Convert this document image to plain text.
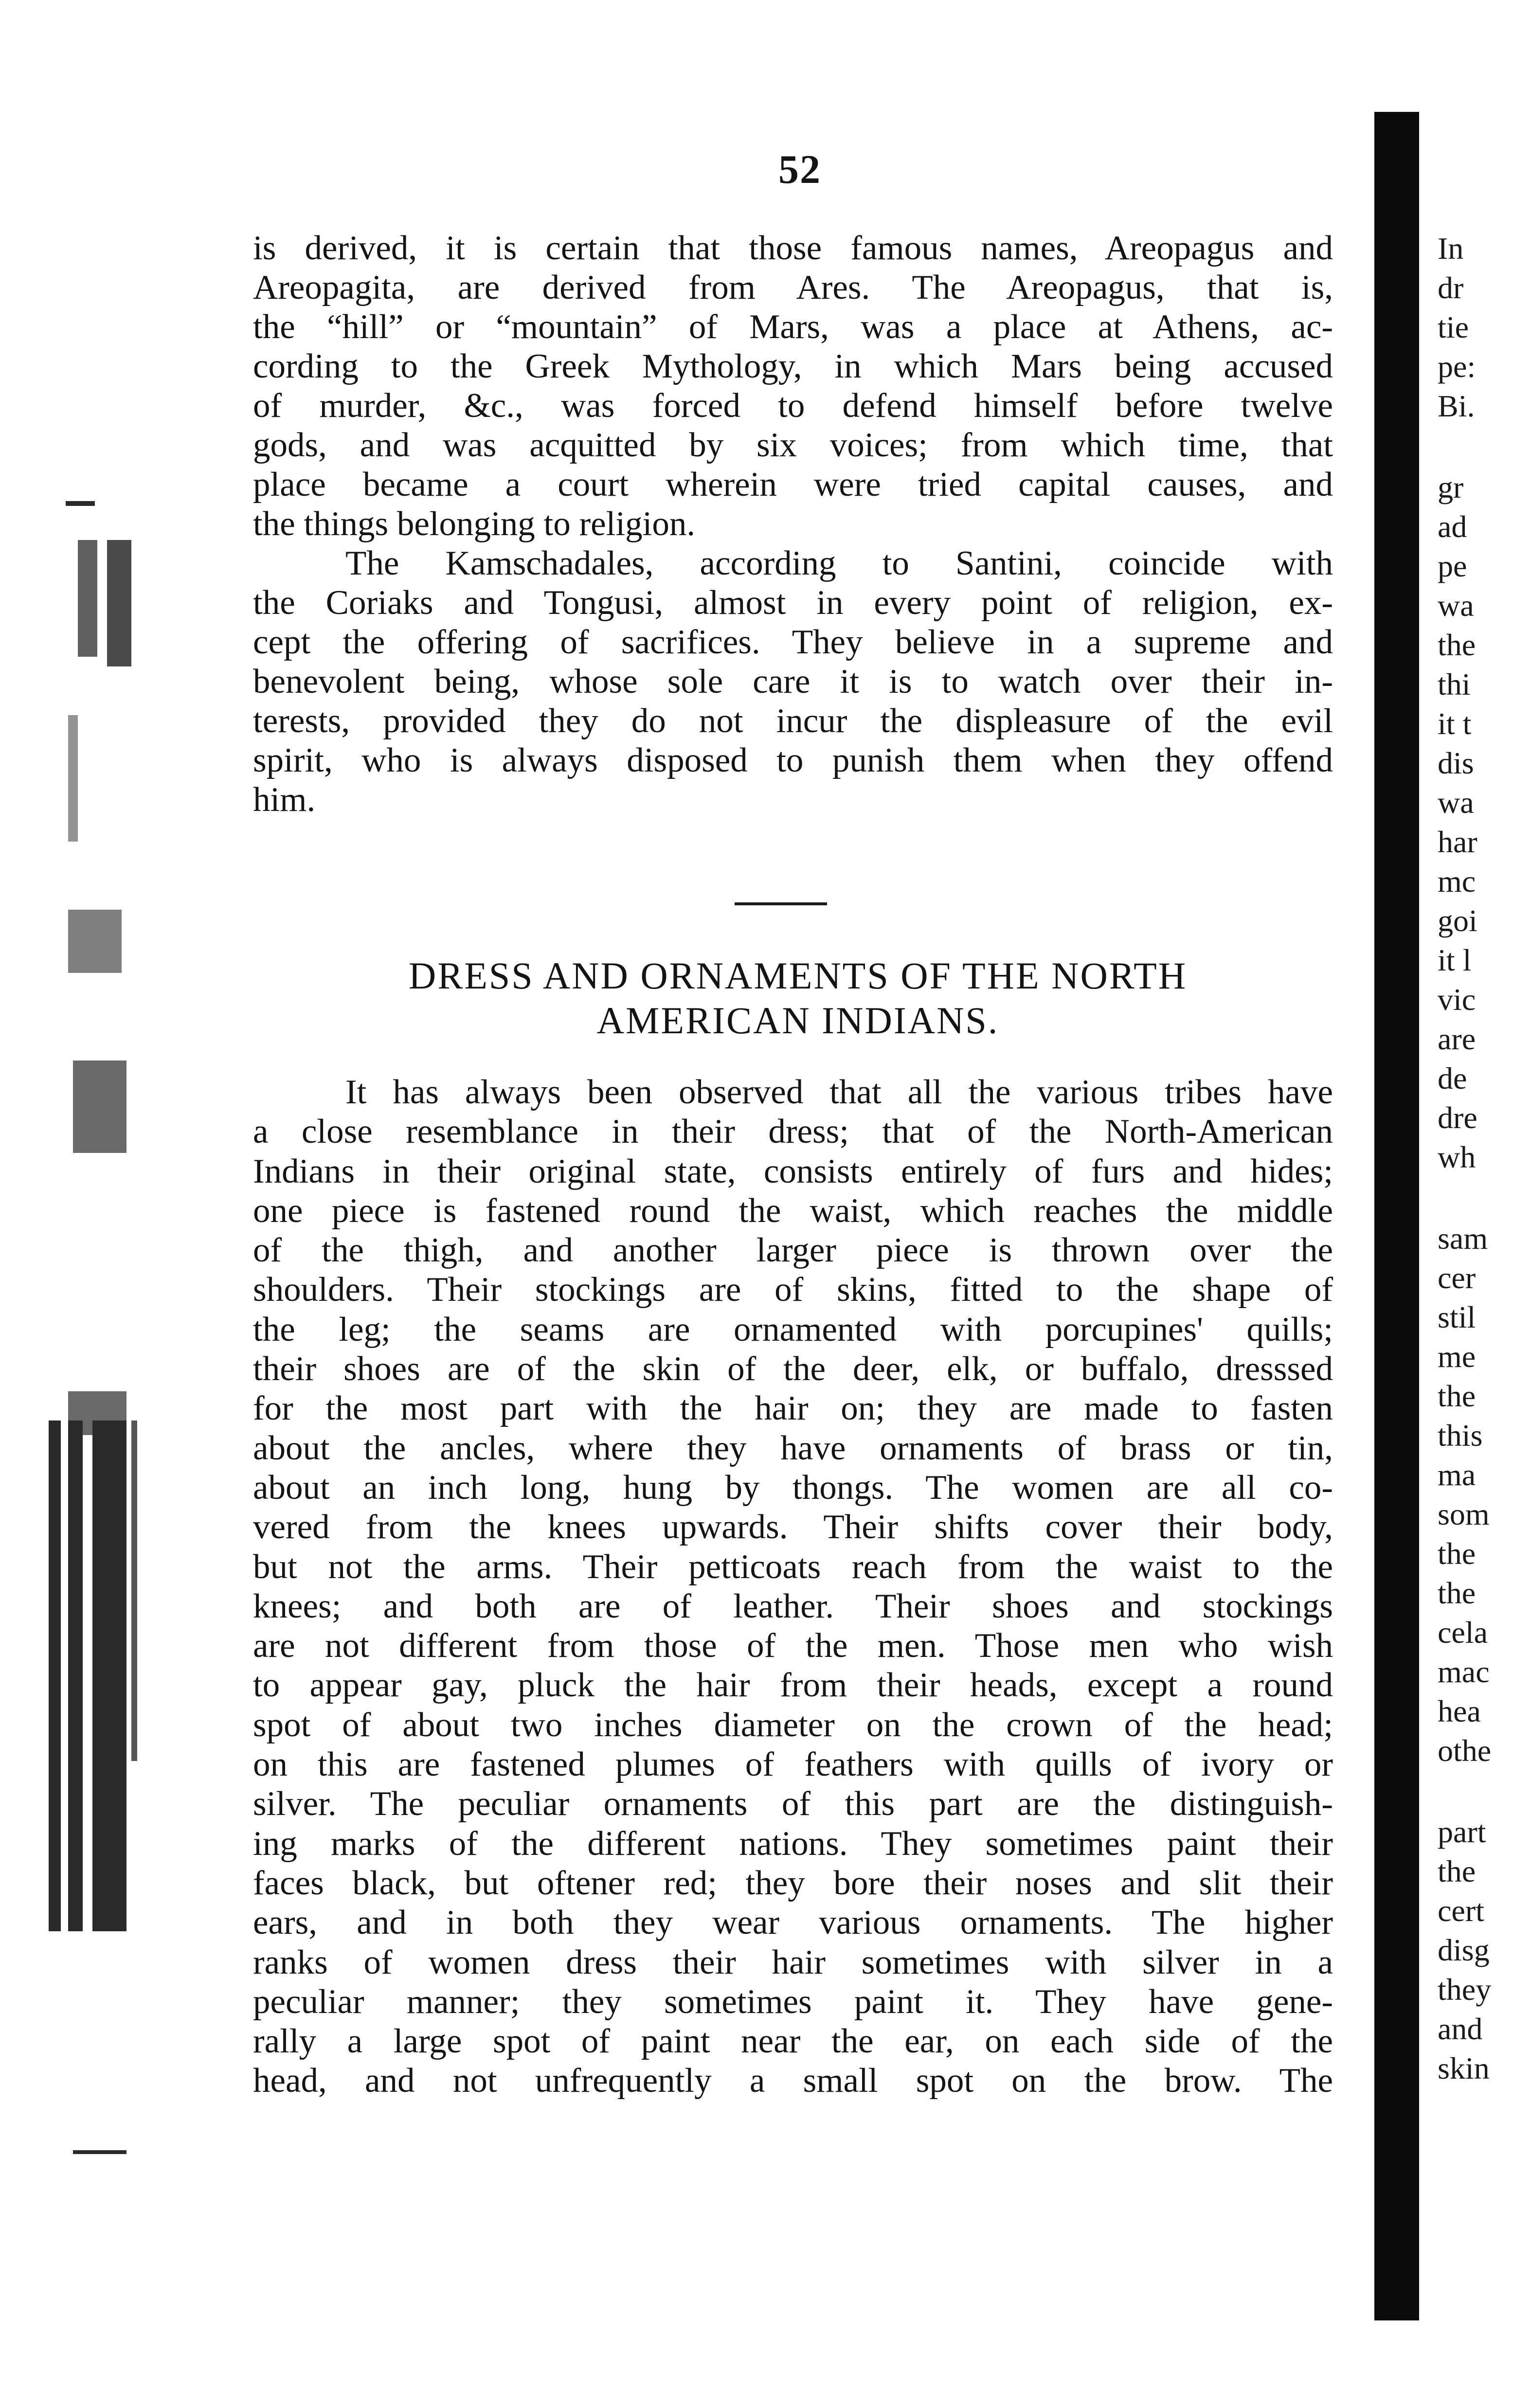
52
is derived, it is certain that those famous names, Areopagus and
Areopagita, are derived from Ares. The Areopagus, that is,
the “hill” or “mountain” of Mars, was a place at Athens, ac-
cording to the Greek Mythology, in which Mars being accused
of murder, &c., was forced to defend himself before twelve
gods, and was acquitted by six voices; from which time, that
place became a court wherein were tried capital causes, and
the things belonging to religion.
The Kamschadales, according to Santini, coincide with
the Coriaks and Tongusi, almost in every point of religion, ex-
cept the offering of sacrifices. They believe in a supreme and
benevolent being, whose sole care it is to watch over their in-
terests, provided they do not incur the displeasure of the evil
spirit, who is always disposed to punish them when they offend
him.
DRESS AND ORNAMENTS OF THE NORTH
AMERICAN INDIANS.
It has always been observed that all the various tribes have
a close resemblance in their dress; that of the North-American
Indians in their original state, consists entirely of furs and hides;
one piece is fastened round the waist, which reaches the middle
of the thigh, and another larger piece is thrown over the
shoulders. Their stockings are of skins, fitted to the shape of
the leg; the seams are ornamented with porcupines' quills;
their shoes are of the skin of the deer, elk, or buffalo, dresssed
for the most part with the hair on; they are made to fasten
about the ancles, where they have ornaments of brass or tin,
about an inch long, hung by thongs. The women are all co-
vered from the knees upwards. Their shifts cover their body,
but not the arms. Their petticoats reach from the waist to the
knees; and both are of leather. Their shoes and stockings
are not different from those of the men. Those men who wish
to appear gay, pluck the hair from their heads, except a round
spot of about two inches diameter on the crown of the head;
on this are fastened plumes of feathers with quills of ivory or
silver. The peculiar ornaments of this part are the distinguish-
ing marks of the different nations. They sometimes paint their
faces black, but oftener red; they bore their noses and slit their
ears, and in both they wear various ornaments. The higher
ranks of women dress their hair sometimes with silver in a
peculiar manner; they sometimes paint it. They have gene-
rally a large spot of paint near the ear, on each side of the
head, and not unfrequently a small spot on the brow. The
In
dr
tie
pe:
Bi.
gr
ad
pe
wa
the
thi
it t
dis
wa
har
mc
goi
it l
vic
are
de
dre
wh
sam
cer
stil
me
the
this
ma
som
the
the
cela
mac
hea
othe
part
the
cert
disg
they
and
skin
